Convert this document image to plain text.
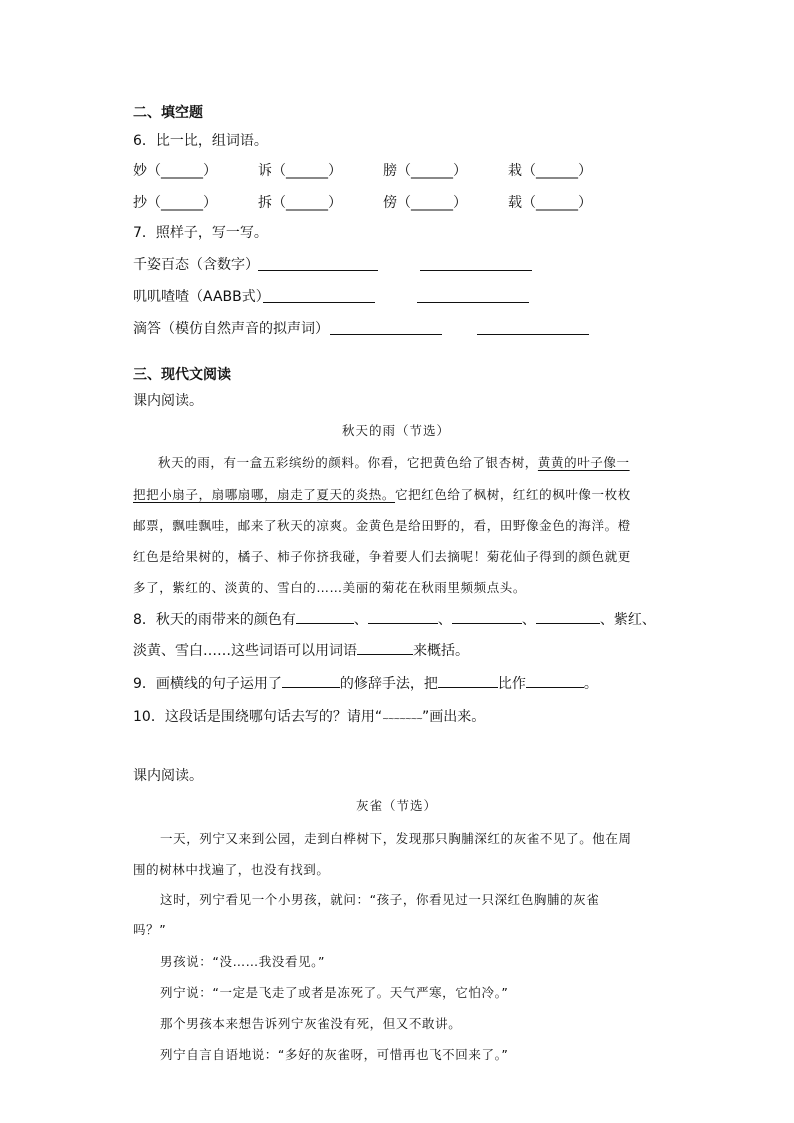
二、填空题
6．比一比，组词语。
妙（______）	诉（______）	膀（______）	栽（______）
抄（______）	拆（______）	傍（______）	载（______）
7．照样子，写一写。
千姿百态（含数字）
叽叽喳喳（AABB式）
滴答（模仿自然声音的拟声词）
三、现代文阅读
课内阅读。
秋天的雨（节选）
秋天的雨，有一盒五彩缤纷的颜料。你看，它把黄色给了银杏树，黄黄的叶子像一
把把小扇子，扇哪扇哪，扇走了夏天的炎热。它把红色给了枫树，红红的枫叶像一枚枚
邮票，飘哇飘哇，邮来了秋天的凉爽。金黄色是给田野的，看，田野像金色的海洋。橙
红色是给果树的，橘子、柿子你挤我碰，争着要人们去摘呢！菊花仙子得到的颜色就更
多了，紫红的、淡黄的、雪白的……美丽的菊花在秋雨里频频点头。
8．秋天的雨带来的颜色有	、	、	、	、紫红、
淡黄、雪白……这些词语可以用词语	来概括。
9．画横线的句子运用了	的修辞手法，把	比作	。
10．这段话是围绕哪句话去写的？请用“~~~~~~~”画出来。
课内阅读。
灰雀（节选）
一天，列宁又来到公园，走到白桦树下，发现那只胸脯深红的灰雀不见了。他在周
围的树林中找遍了，也没有找到。
这时，列宁看见一个小男孩，就问：“孩子，你看见过一只深红色胸脯的灰雀
吗？”
男孩说：“没……我没看见。”
列宁说：“一定是飞走了或者是冻死了。天气严寒，它怕冷。”
那个男孩本来想告诉列宁灰雀没有死，但又不敢讲。
列宁自言自语地说：“多好的灰雀呀，可惜再也飞不回来了。”
